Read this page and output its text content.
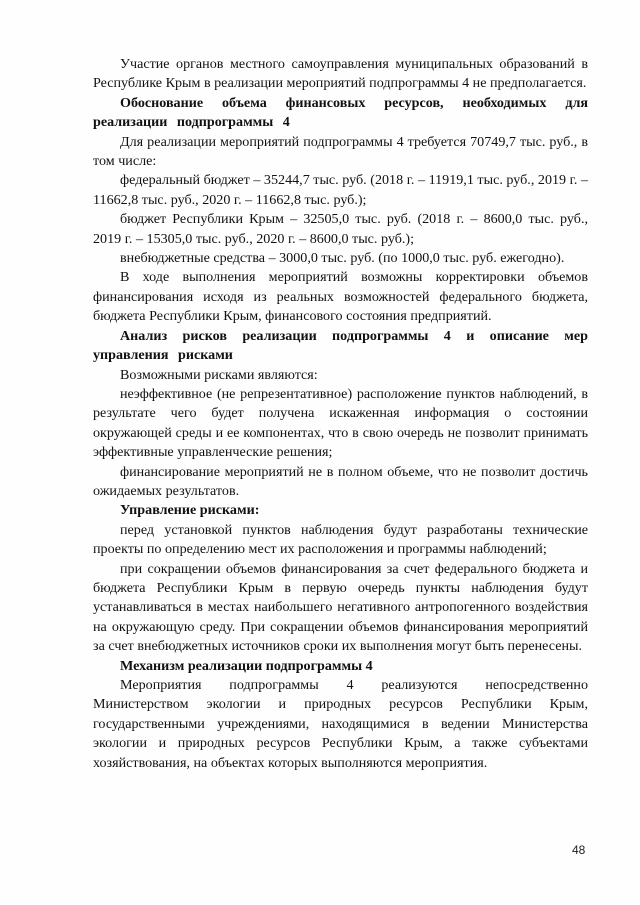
Участие органов местного самоуправления муниципальных образований в Республике Крым в реализации мероприятий подпрограммы 4 не предполагается.

Обоснование объема финансовых ресурсов, необходимых для реализации подпрограммы 4

Для реализации мероприятий подпрограммы 4 требуется 70749,7 тыс. руб., в том числе:

федеральный бюджет – 35244,7 тыс. руб. (2018 г. – 11919,1 тыс. руб., 2019 г. – 11662,8 тыс. руб., 2020 г. – 11662,8 тыс. руб.);

бюджет Республики Крым – 32505,0 тыс. руб. (2018 г. – 8600,0 тыс. руб., 2019 г. – 15305,0 тыс. руб., 2020 г. – 8600,0 тыс. руб.);

внебюджетные средства – 3000,0 тыс. руб. (по 1000,0 тыс. руб. ежегодно).

В ходе выполнения мероприятий возможны корректировки объемов финансирования исходя из реальных возможностей федерального бюджета, бюджета Республики Крым, финансового состояния предприятий.

Анализ рисков реализации подпрограммы 4 и описание мер управления рисками

Возможными рисками являются:

неэффективное (не репрезентативное) расположение пунктов наблюдений, в результате чего будет получена искаженная информация о состоянии окружающей среды и ее компонентах, что в свою очередь не позволит принимать эффективные управленческие решения;

финансирование мероприятий не в полном объеме, что не позволит достичь ожидаемых результатов.

Управление рисками:

перед установкой пунктов наблюдения будут разработаны технические проекты по определению мест их расположения и программы наблюдений;

при сокращении объемов финансирования за счет федерального бюджета и бюджета Республики Крым в первую очередь пункты наблюдения будут устанавливаться в местах наибольшего негативного антропогенного воздействия на окружающую среду. При сокращении объемов финансирования мероприятий за счет внебюджетных источников сроки их выполнения могут быть перенесены.

Механизм реализации подпрограммы 4

Мероприятия подпрограммы 4 реализуются непосредственно Министерством экологии и природных ресурсов Республики Крым, государственными учреждениями, находящимися в ведении Министерства экологии и природных ресурсов Республики Крым, а также субъектами хозяйствования, на объектах которых выполняются мероприятия.

48
